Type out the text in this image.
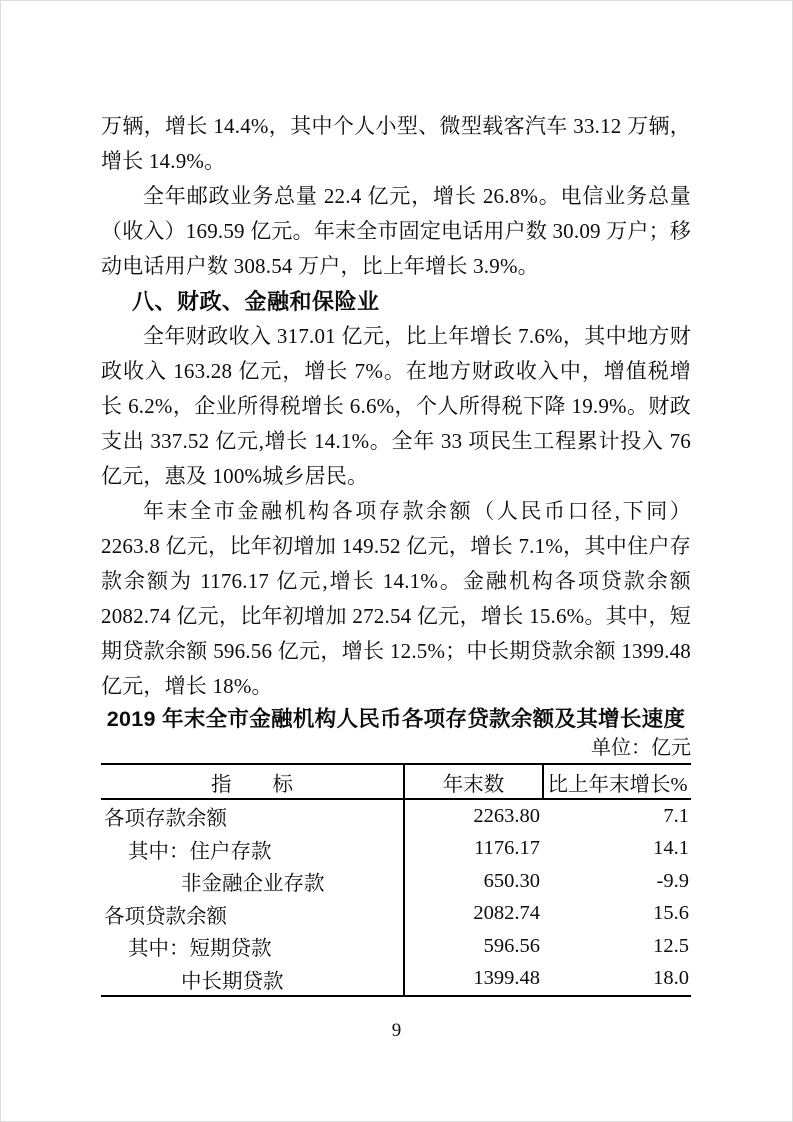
万辆，增长 14.4%，其中个人小型、微型载客汽车 33.12 万辆，增长 14.9%。

全年邮政业务总量 22.4 亿元，增长 26.8%。电信业务总量（收入）169.59 亿元。年末全市固定电话用户数 30.09 万户；移动电话用户数 308.54 万户，比上年增长 3.9%。

八、财政、金融和保险业

全年财政收入 317.01 亿元，比上年增长 7.6%，其中地方财政收入 163.28 亿元，增长 7%。在地方财政收入中，增值税增长 6.2%，企业所得税增长 6.6%，个人所得税下降 19.9%。财政支出 337.52 亿元,增长 14.1%。全年 33 项民生工程累计投入 76 亿元，惠及 100%城乡居民。

年末全市金融机构各项存款余额（人民币口径,下同）2263.8 亿元，比年初增加 149.52 亿元，增长 7.1%，其中住户存款余额为 1176.17 亿元,增长 14.1%。金融机构各项贷款余额 2082.74 亿元，比年初增加 272.54 亿元，增长 15.6%。其中，短期贷款余额 596.56 亿元，增长 12.5%；中长期贷款余额 1399.48 亿元，增长 18%。

2019 年末全市金融机构人民币各项存贷款余额及其增长速度
单位：亿元
指　　标	年末数	比上年末增长%
各项存款余额	2263.80	7.1
其中：住户存款	1176.17	14.1
非金融企业存款	650.30	-9.9
各项贷款余额	2082.74	15.6
其中：短期贷款	596.56	12.5
中长期贷款	1399.48	18.0
9
